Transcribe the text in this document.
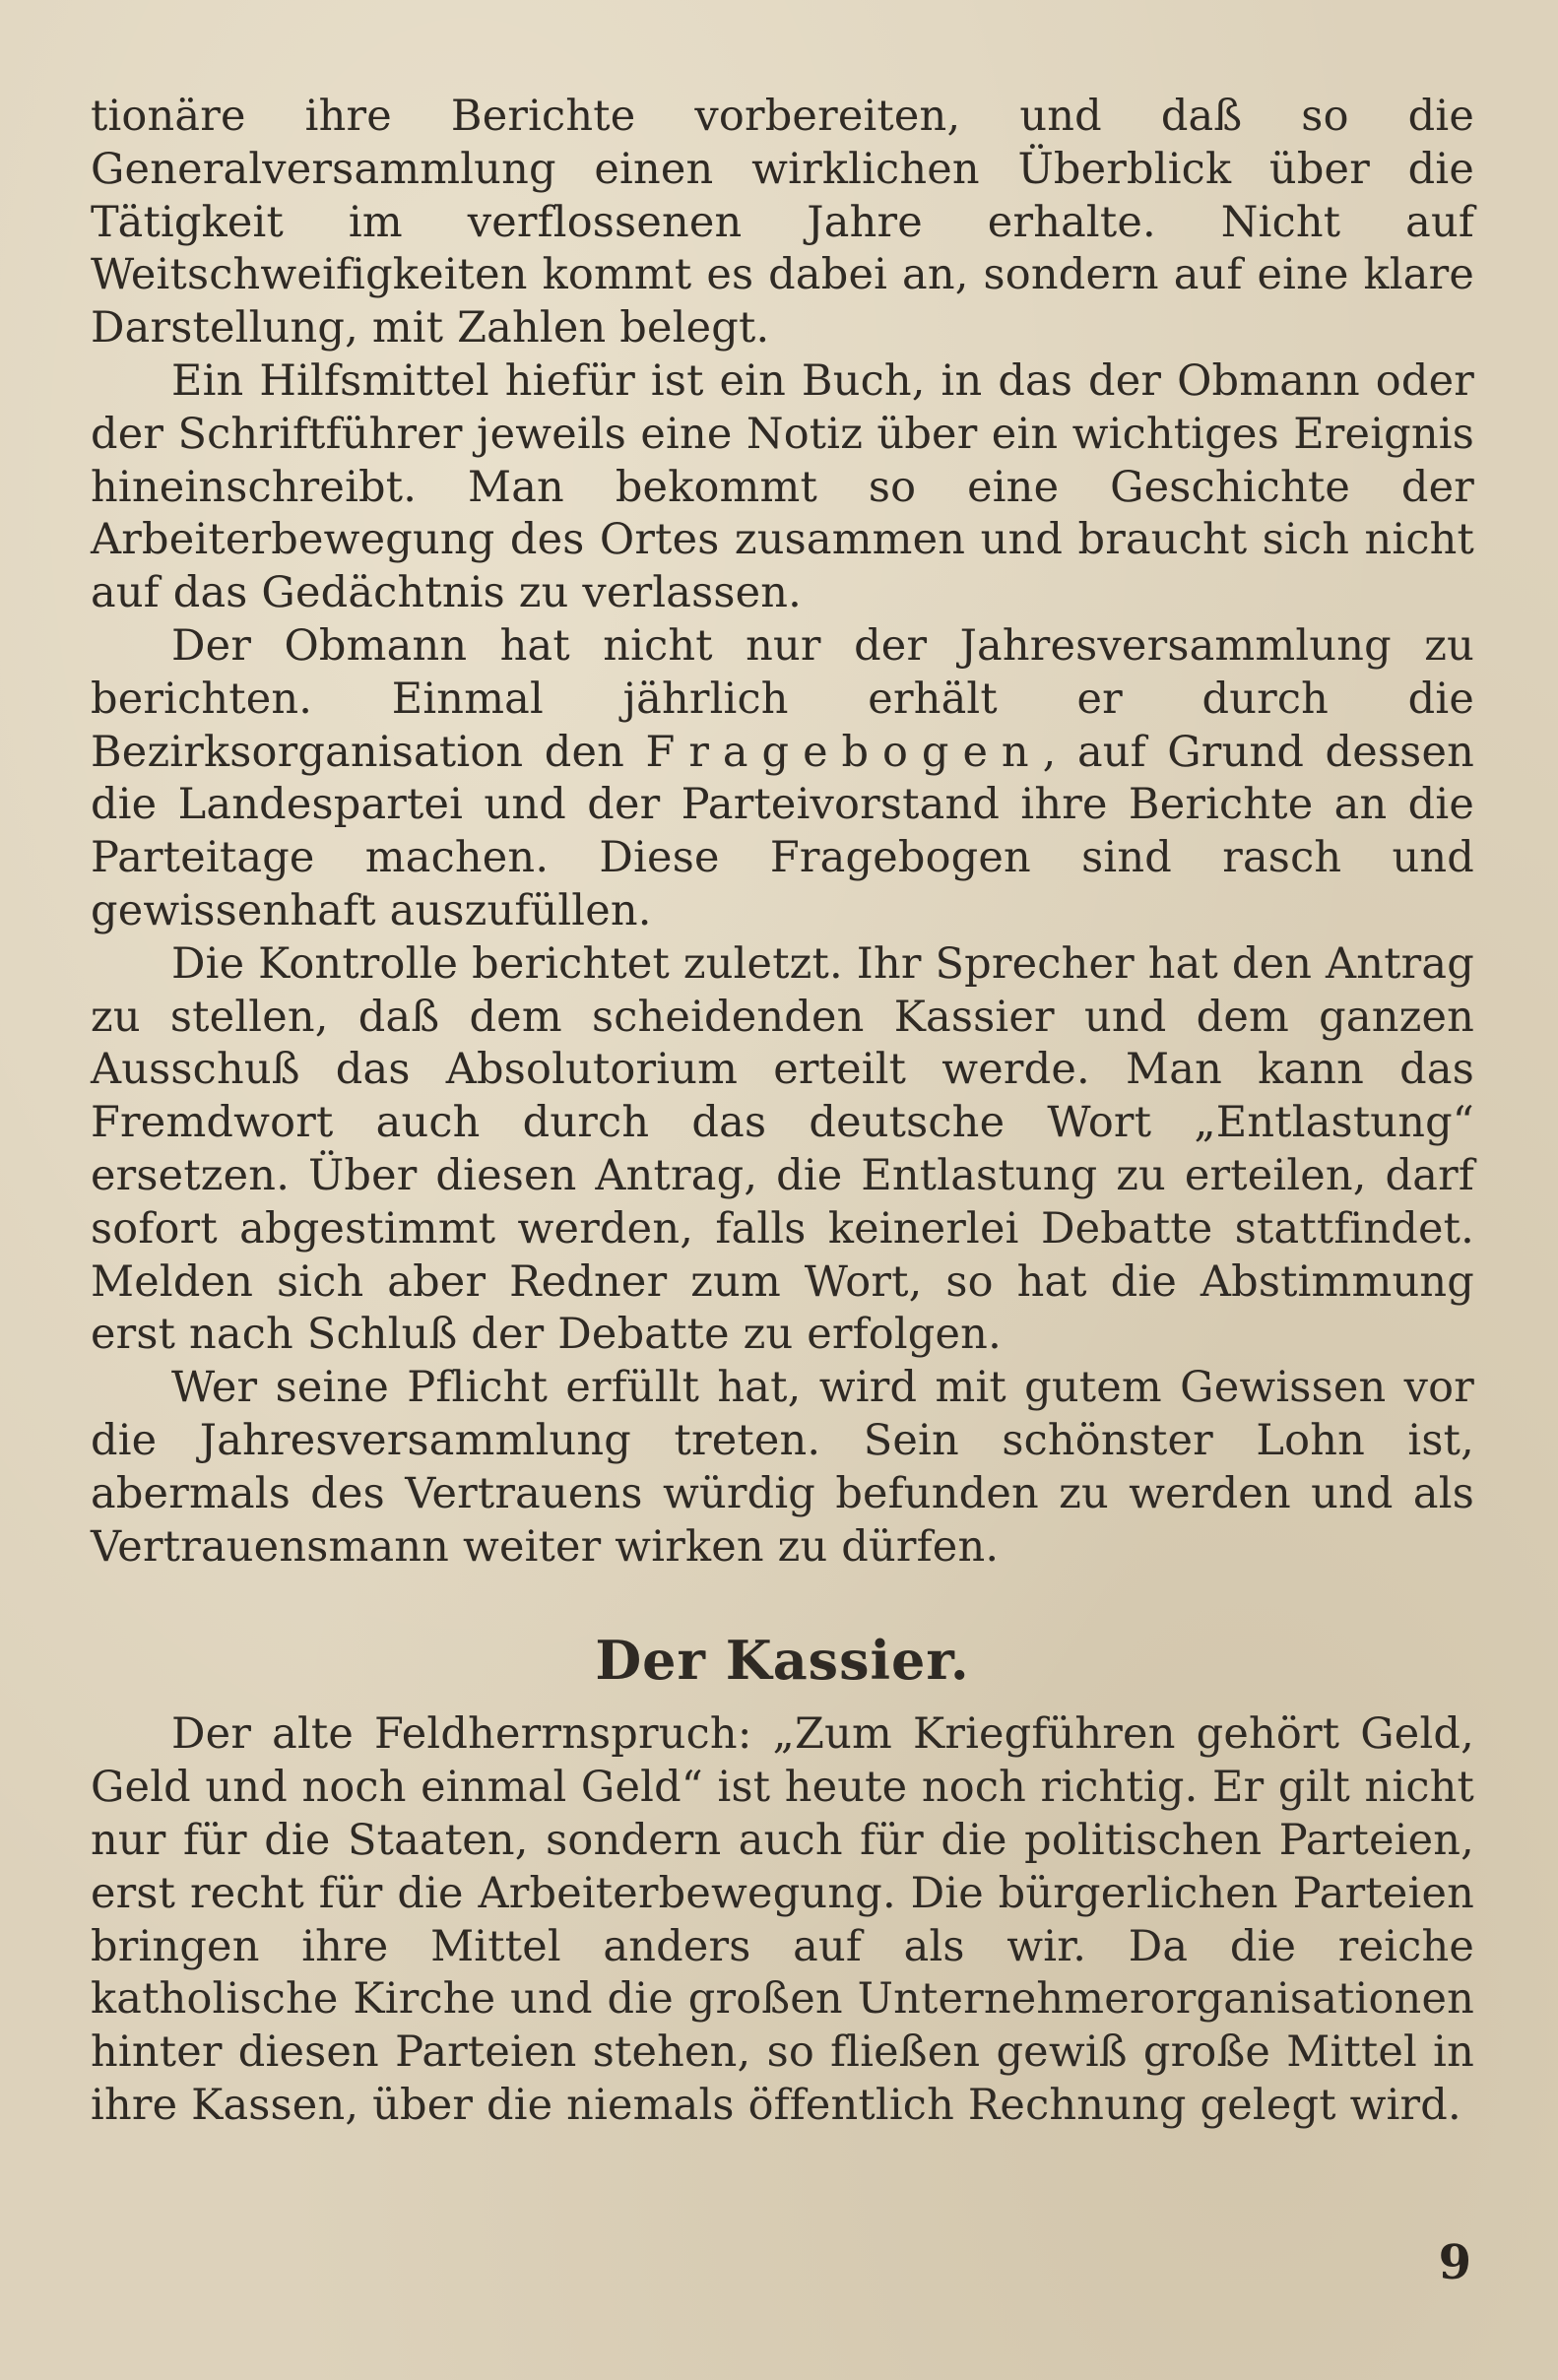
tionäre ihre Berichte vorbereiten, und daß so die Generalversammlung einen wirklichen Überblick über die Tätigkeit im verflossenen Jahre erhalte. Nicht auf Weitschweifigkeiten kommt es dabei an, sondern auf eine klare Darstellung, mit Zahlen belegt.

Ein Hilfsmittel hiefür ist ein Buch, in das der Obmann oder der Schriftführer jeweils eine Notiz über ein wichtiges Ereignis hineinschreibt. Man bekommt so eine Geschichte der Arbeiterbewegung des Ortes zusammen und braucht sich nicht auf das Gedächtnis zu verlassen.

Der Obmann hat nicht nur der Jahresversammlung zu berichten. Einmal jährlich erhält er durch die Bezirksorganisation den Fragebogen, auf Grund dessen die Landespartei und der Parteivorstand ihre Berichte an die Parteitage machen. Diese Fragebogen sind rasch und gewissenhaft auszufüllen.

Die Kontrolle berichtet zuletzt. Ihr Sprecher hat den Antrag zu stellen, daß dem scheidenden Kassier und dem ganzen Ausschuß das Absolutorium erteilt werde. Man kann das Fremdwort auch durch das deutsche Wort „Entlastung“ ersetzen. Über diesen Antrag, die Entlastung zu erteilen, darf sofort abgestimmt werden, falls keinerlei Debatte stattfindet. Melden sich aber Redner zum Wort, so hat die Abstimmung erst nach Schluß der Debatte zu erfolgen.

Wer seine Pflicht erfüllt hat, wird mit gutem Gewissen vor die Jahresversammlung treten. Sein schönster Lohn ist, abermals des Vertrauens würdig befunden zu werden und als Vertrauensmann weiter wirken zu dürfen.

Der Kassier.

Der alte Feldherrnspruch: „Zum Kriegführen gehört Geld, Geld und noch einmal Geld“ ist heute noch richtig. Er gilt nicht nur für die Staaten, sondern auch für die politischen Parteien, erst recht für die Arbeiterbewegung. Die bürgerlichen Parteien bringen ihre Mittel anders auf als wir. Da die reiche katholische Kirche und die großen Unternehmerorganisationen hinter diesen Parteien stehen, so fließen gewiß große Mittel in ihre Kassen, über die niemals öffentlich Rechnung gelegt wird.

9
